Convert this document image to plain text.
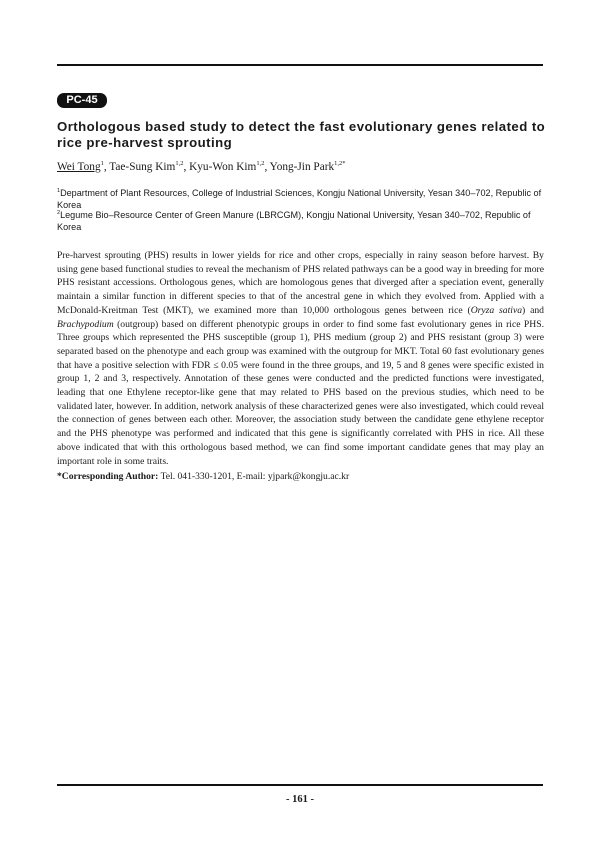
PC-45
Orthologous based study to detect the fast evolutionary genes related to rice pre-harvest sprouting
Wei Tong$^1$, Tae-Sung Kim$^{1,2}$, Kyu-Won Kim$^{1,2}$, Yong-Jin Park$^{1,2*}$
$^1$Department of Plant Resources, College of Industrial Sciences, Kongju National University, Yesan 340‒702, Republic of Korea
$^2$Legume Bio‒Resource Center of Green Manure (LBRCGM), Kongju National University, Yesan 340‒702, Republic of Korea

Pre-harvest sprouting (PHS) results in lower yields for rice and other crops, especially in rainy season before harvest. By using gene based functional studies to reveal the mechanism of PHS related pathways can be a good way in breeding for more PHS resistant accessions. Orthologous genes, which are homologous genes that diverged after a speciation event, generally maintain a similar function in different species to that of the ancestral gene in which they evolved from. Applied with a McDonald-Kreitman Test (MKT), we examined more than 10,000 orthologous genes between rice (Oryza sativa) and Brachypodium (outgroup) based on different phenotypic groups in order to find some fast evolutionary genes in rice PHS. Three groups which represented the PHS susceptible (group 1), PHS medium (group 2) and PHS resistant (group 3) were separated based on the phenotype and each group was examined with the outgroup for MKT. Total 60 fast evolutionary genes that have a positive selection with FDR ≤ 0.05 were found in the three groups, and 19, 5 and 8 genes were specific existed in group 1, 2 and 3, respectively. Annotation of these genes were conducted and the predicted functions were investigated, leading that one Ethylene receptor-like gene that may related to PHS based on the previous studies, which need to be validated later, however. In addition, network analysis of these characterized genes were also investigated, which could reveal the connection of genes between each other. Moreover, the association study between the candidate gene ethylene receptor and the PHS phenotype was performed and indicated that this gene is significantly correlated with PHS in rice. All these above indicated that with this orthologous based method, we can find some important candidate genes that may play an important role in some traits.

*Corresponding Author: Tel. 041-330-1201, E-mail: yjpark@kongju.ac.kr
- 161 -
